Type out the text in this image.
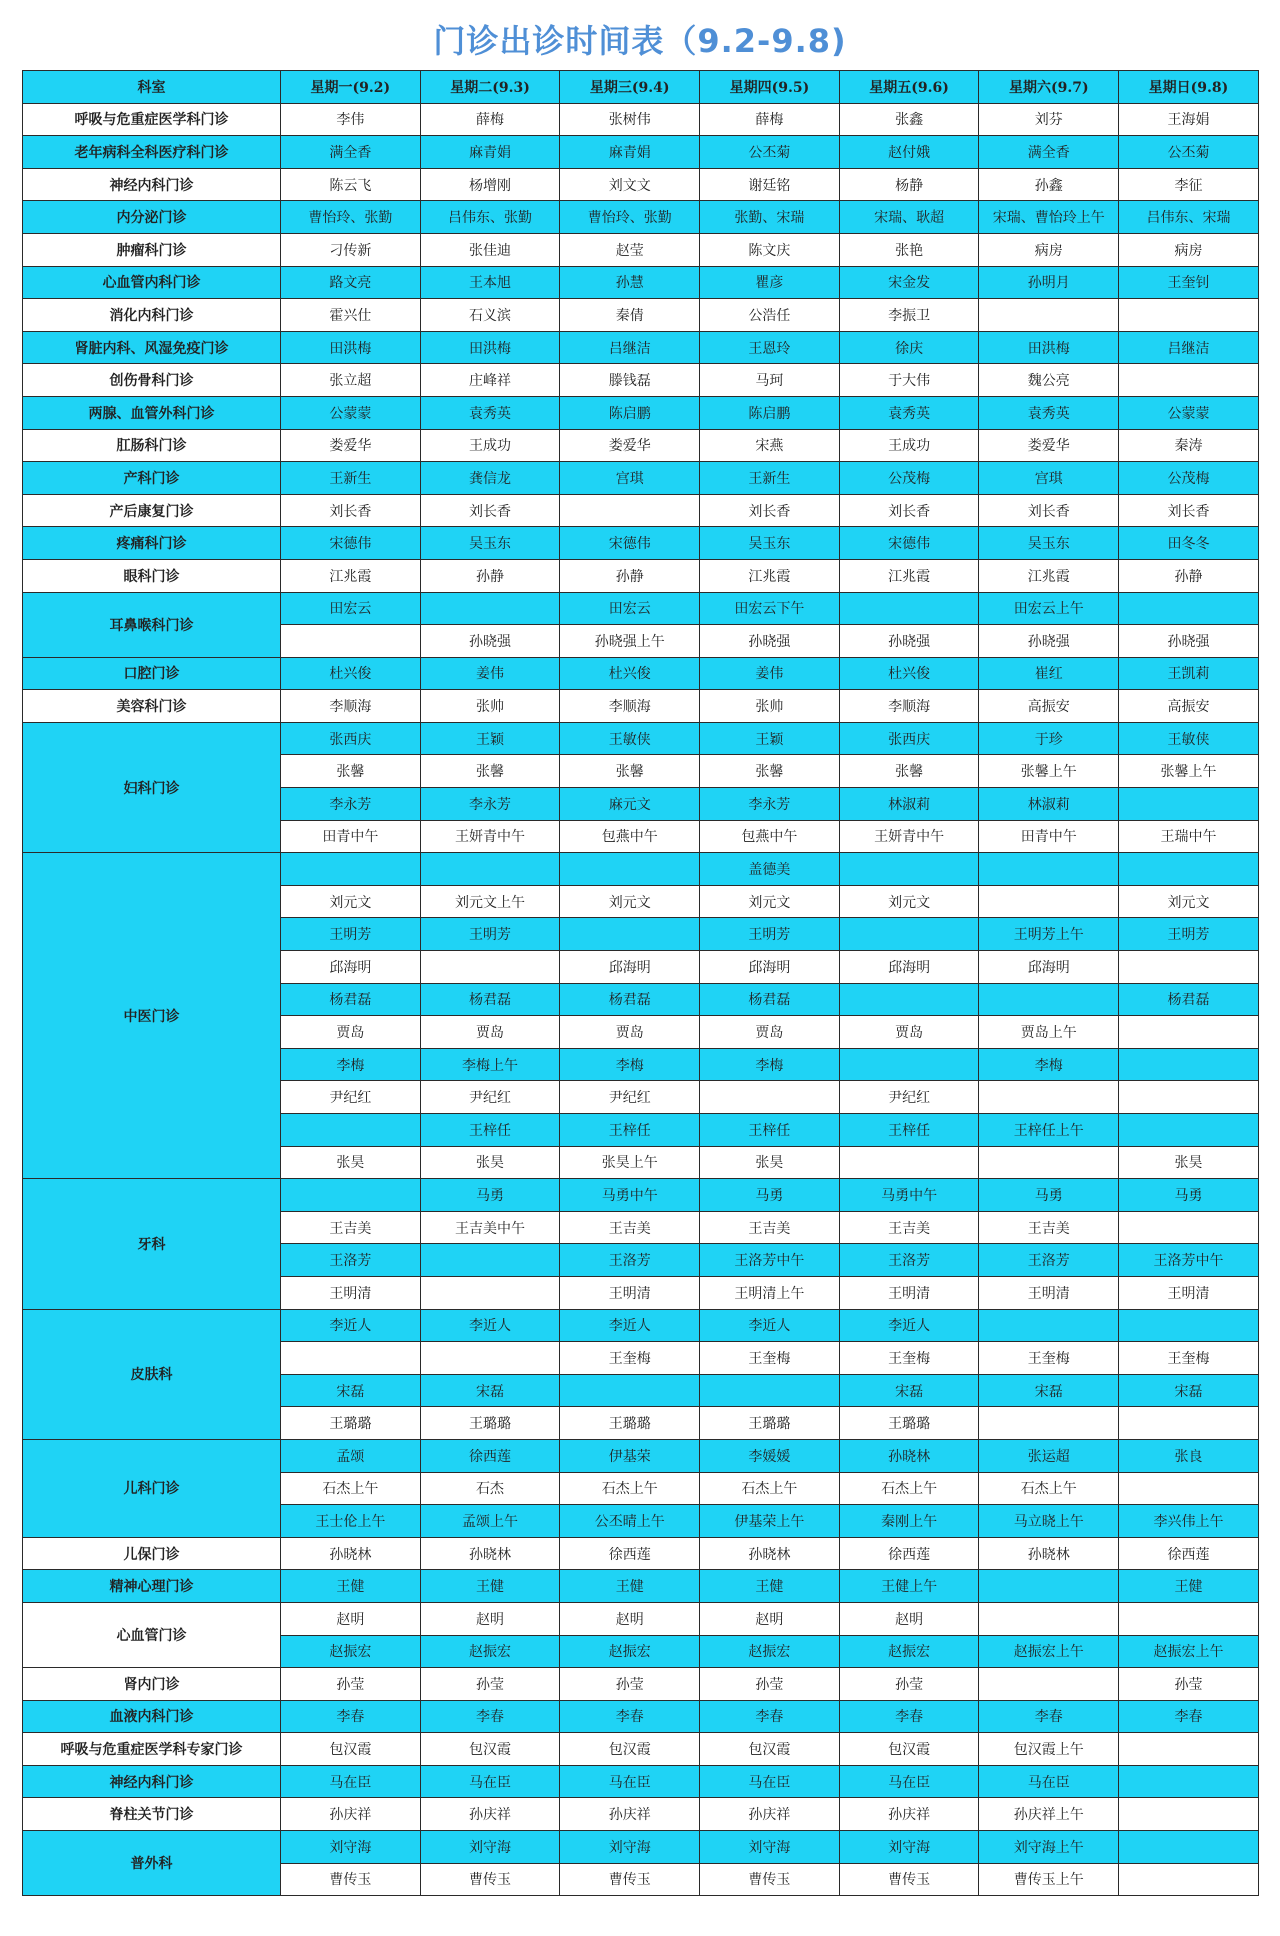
门诊出诊时间表（9.2-9.8)
科室	星期一(9.2)	星期二(9.3)	星期三(9.4)	星期四(9.5)	星期五(9.6)	星期六(9.7)	星期日(9.8)
呼吸与危重症医学科门诊	李伟	薛梅	张树伟	薛梅	张鑫	刘芬	王海娟
老年病科全科医疗科门诊	满全香	麻青娟	麻青娟	公丕菊	赵付娥	满全香	公丕菊
神经内科门诊	陈云飞	杨增刚	刘文文	谢廷铭	杨静	孙鑫	李征
内分泌门诊	曹怡玲、张勤	吕伟东、张勤	曹怡玲、张勤	张勤、宋瑞	宋瑞、耿超	宋瑞、曹怡玲上午	吕伟东、宋瑞
肿瘤科门诊	刁传新	张佳迪	赵莹	陈文庆	张艳	病房	病房
心血管内科门诊	路文亮	王本旭	孙慧	瞿彦	宋金发	孙明月	王奎钊
消化内科门诊	霍兴仕	石义滨	秦倩	公浩任	李振卫		
肾脏内科、风湿免疫门诊	田洪梅	田洪梅	吕继洁	王恩玲	徐庆	田洪梅	吕继洁
创伤骨科门诊	张立超	庄峰祥	滕钱磊	马珂	于大伟	魏公亮	
两腺、血管外科门诊	公蒙蒙	袁秀英	陈启鹏	陈启鹏	袁秀英	袁秀英	公蒙蒙
肛肠科门诊	娄爱华	王成功	娄爱华	宋燕	王成功	娄爱华	秦涛
产科门诊	王新生	龚信龙	宫琪	王新生	公茂梅	宫琪	公茂梅
产后康复门诊	刘长香	刘长香		刘长香	刘长香	刘长香	刘长香
疼痛科门诊	宋德伟	吴玉东	宋德伟	吴玉东	宋德伟	吴玉东	田冬冬
眼科门诊	江兆霞	孙静	孙静	江兆霞	江兆霞	江兆霞	孙静
耳鼻喉科门诊	田宏云		田宏云	田宏云下午		田宏云上午	
		孙晓强	孙晓强上午	孙晓强	孙晓强	孙晓强	孙晓强
口腔门诊	杜兴俊	姜伟	杜兴俊	姜伟	杜兴俊	崔红	王凯莉
美容科门诊	李顺海	张帅	李顺海	张帅	李顺海	高振安	高振安
妇科门诊	张西庆	王颖	王敏侠	王颖	张西庆	于珍	王敏侠
	张馨	张馨	张馨	张馨	张馨	张馨上午	张馨上午
	李永芳	李永芳	麻元文	李永芳	林淑莉	林淑莉	
	田青中午	王妍青中午	包燕中午	包燕中午	王妍青中午	田青中午	王瑞中午
中医门诊				盖德美			
	刘元文	刘元文上午	刘元文	刘元文	刘元文		刘元文
	王明芳	王明芳		王明芳		王明芳上午	王明芳
	邱海明		邱海明	邱海明	邱海明	邱海明	
	杨君磊	杨君磊	杨君磊	杨君磊			杨君磊
	贾岛	贾岛	贾岛	贾岛	贾岛	贾岛上午	
	李梅	李梅上午	李梅	李梅		李梅	
	尹纪红	尹纪红	尹纪红		尹纪红		
		王梓任	王梓任	王梓任	王梓任	王梓任上午	
	张昊	张昊	张昊上午	张昊			张昊
牙科		马勇	马勇中午	马勇	马勇中午	马勇	马勇
	王吉美	王吉美中午	王吉美	王吉美	王吉美	王吉美	
	王洛芳		王洛芳	王洛芳中午	王洛芳	王洛芳	王洛芳中午
	王明清		王明清	王明清上午	王明清	王明清	王明清
皮肤科	李近人	李近人	李近人	李近人	李近人		
			王奎梅	王奎梅	王奎梅	王奎梅	王奎梅
	宋磊	宋磊			宋磊	宋磊	宋磊
	王璐璐	王璐璐	王璐璐	王璐璐	王璐璐		
儿科门诊	孟颂	徐西莲	伊基荣	李媛媛	孙晓林	张运超	张良
	石杰上午	石杰	石杰上午	石杰上午	石杰上午	石杰上午	
	王士伦上午	孟颂上午	公丕晴上午	伊基荣上午	秦刚上午	马立晓上午	李兴伟上午
儿保门诊	孙晓林	孙晓林	徐西莲	孙晓林	徐西莲	孙晓林	徐西莲
精神心理门诊	王健	王健	王健	王健	王健上午		王健
心血管门诊	赵明	赵明	赵明	赵明	赵明		
	赵振宏	赵振宏	赵振宏	赵振宏	赵振宏	赵振宏上午	赵振宏上午
肾内门诊	孙莹	孙莹	孙莹	孙莹	孙莹		孙莹
血液内科门诊	李春	李春	李春	李春	李春	李春	李春
呼吸与危重症医学科专家门诊	包汉霞	包汉霞	包汉霞	包汉霞	包汉霞	包汉霞上午	
神经内科门诊	马在臣	马在臣	马在臣	马在臣	马在臣	马在臣	
脊柱关节门诊	孙庆祥	孙庆祥	孙庆祥	孙庆祥	孙庆祥	孙庆祥上午	
普外科	刘守海	刘守海	刘守海	刘守海	刘守海	刘守海上午	
	曹传玉	曹传玉	曹传玉	曹传玉	曹传玉	曹传玉上午	
